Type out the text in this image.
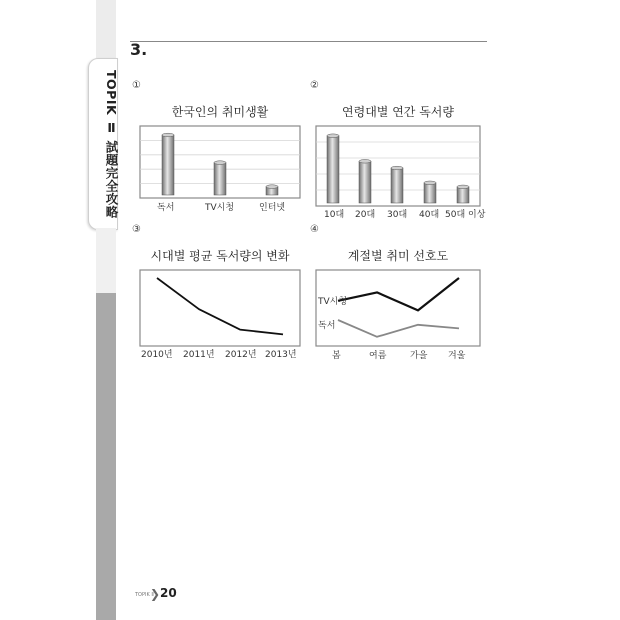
TOPIK Ⅱ 試題完全攻略
3.
①	②
③	④
한국인의 취미생활	연령대별 연간 독서량
시대별 평균 독서량의 변화	계절별 취미 선호도
독서	TV시청	인터넷
10대 20대 30대 40대 50대 이상
2010년 2011년 2012년 2013년	봄	여름	가을 겨울
TV시청
독서
TOPIK Ⅱ
❯ 20
